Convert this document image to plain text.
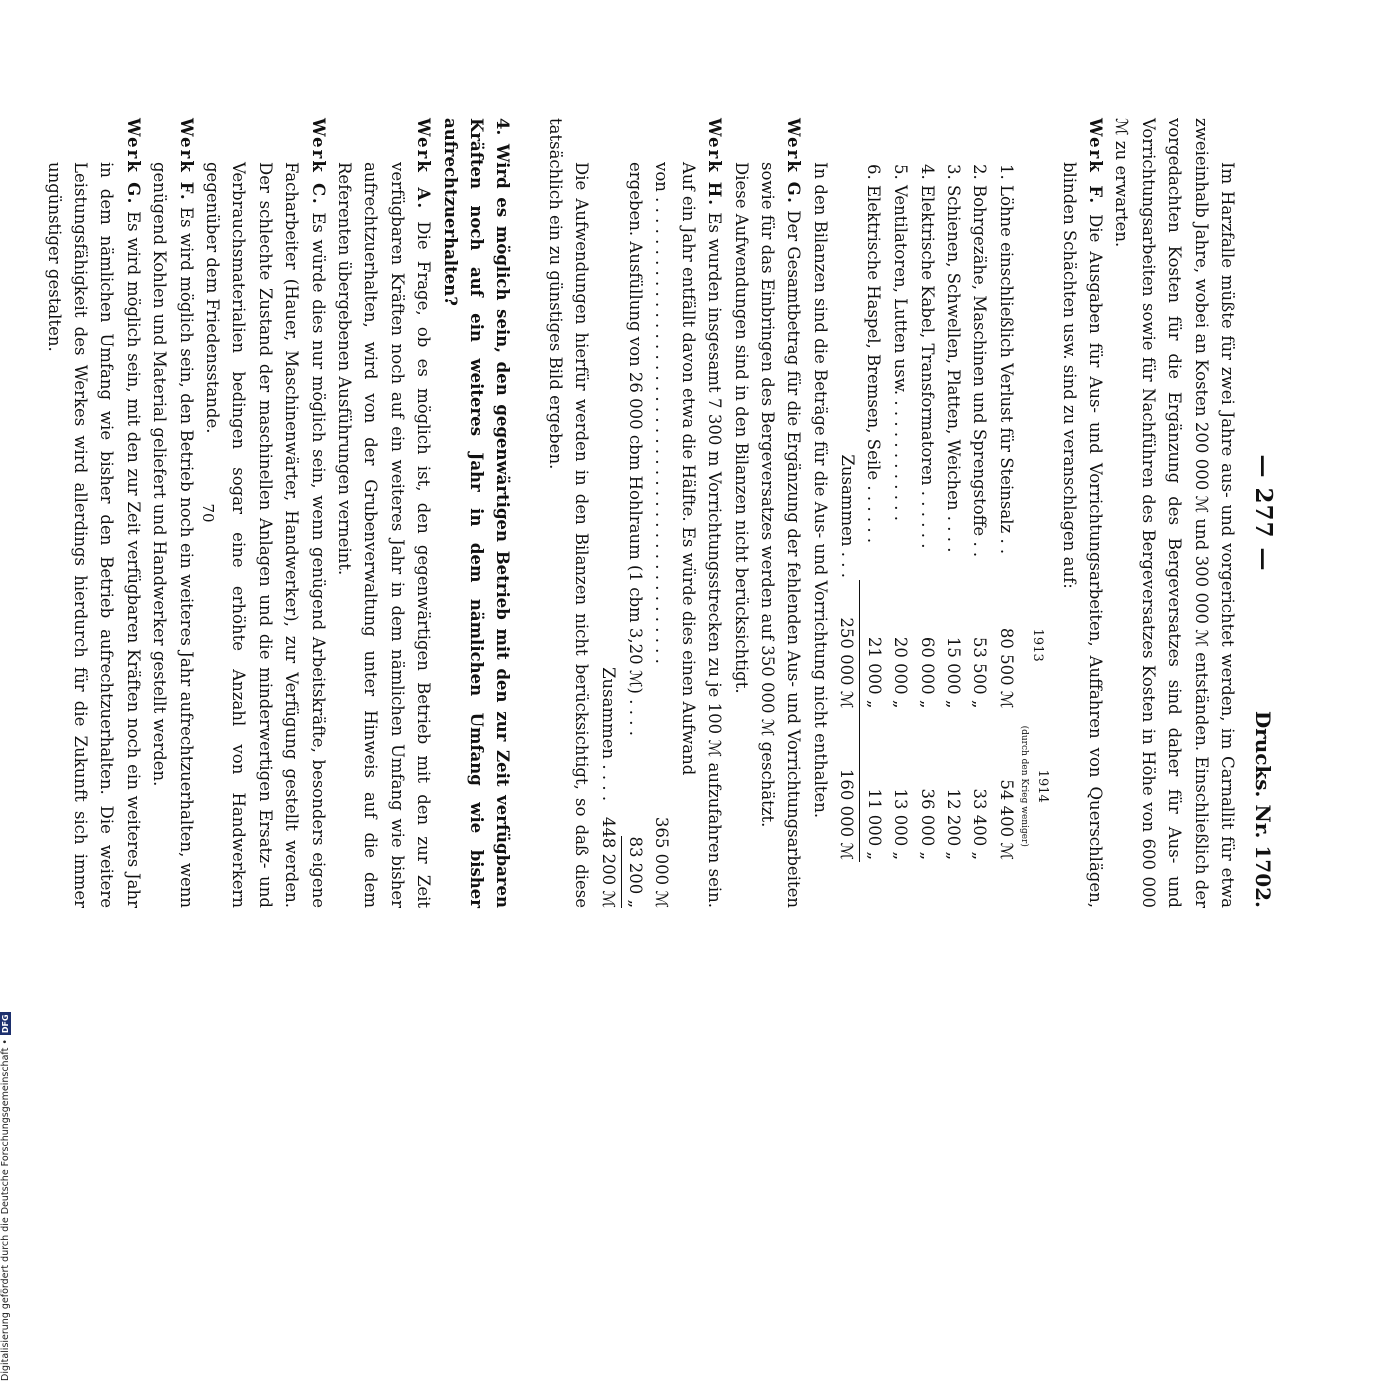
— 277 —
Drucks. Nr. 1702.

Im Harzfalle müßte für zwei Jahre aus- und vorgerichtet werden, im Carnallit für etwa zweieinhalb Jahre, wobei an Kosten 200 000 ℳ und 300 000 ℳ entständen. Einschließlich der vorgedachten Kosten für die Ergänzung des Bergeversatzes sind daher für Aus- und Vorrichtungsarbeiten sowie für Nachführen des Bergeversatzes Kosten in Höhe von 600 000 ℳ zu erwarten.

Werk F. Die Ausgaben für Aus- und Vorrichtungsarbeiten, Auffahren von Querschlägen, blinden Schächten usw. sind zu veranschlagen auf:

	1913	1914
(durch den Krieg weniger)

1. Löhne einschließlich Verlust für Steinsalz . .	80 500 ℳ	54 400 ℳ
2. Bohrgezähe, Maschinen und Sprengstoffe . .	53 500 „	33 400 „
3. Schienen, Schwellen, Platten, Weichen . . . .	15 000 „	12 200 „
4. Elektrische Kabel, Transformatoren . . . . . .	60 000 „	36 000 „
5. Ventilatoren, Lutten usw. . . . . . . . . . . . .	20 000 „	13 000 „
6. Elektrische Haspel, Bremsen, Seile . . . . . .	21 000 „	11 000 „
Zusammen . . .	250 000 ℳ	160 000 ℳ

In den Bilanzen sind die Beträge für die Aus- und Vorrichtung nicht enthalten.

Werk G. Der Gesamtbetrag für die Ergänzung der fehlenden Aus- und Vorrichtungsarbeiten sowie für das Einbringen des Bergeversatzes werden auf 350 000 ℳ geschätzt.

Diese Aufwendungen sind in den Bilanzen nicht berücksichtigt.

Werk H. Es wurden insgesamt 7 300 m Vorrichtungsstrecken zu je 100 ℳ aufzufahren sein. Auf ein Jahr entfällt davon etwa die Hälfte. Es würde dies einen Aufwand

von . . . . . . . . . . . . . . . . . . . . . . . . . . . . . . . . . . . . . . . . . . . . .
365 000 ℳ
ergeben. Ausfüllung von 26 000 cbm Hohlraum (1 cbm 3,20 ℳ) . . . .
83 200 „
Zusammen . . . .   448 200 ℳ

Die Aufwendungen hierfür werden in den Bilanzen nicht berücksichtigt, so daß diese tatsächlich ein zu günstiges Bild ergeben.

4. Wird es möglich sein, den gegenwärtigen Betrieb mit den zur Zeit verfügbaren Kräften noch auf ein weiteres Jahr in dem nämlichen Umfang wie bisher aufrechtzuerhalten?

Werk A. Die Frage, ob es möglich ist, den gegenwärtigen Betrieb mit den zur Zeit verfügbaren Kräften noch auf ein weiteres Jahr in dem nämlichen Umfang wie bisher aufrechtzuerhalten, wird von der Grubenverwaltung unter Hinweis auf die dem Referenten übergebenen Ausführungen verneint.

Werk C. Es würde dies nur möglich sein, wenn genügend Arbeitskräfte, besonders eigene Facharbeiter (Hauer, Maschinenwärter, Handwerker), zur Verfügung gestellt werden. Der schlechte Zustand der maschinellen Anlagen und die minderwertigen Ersatz- und Verbrauchsmaterialien bedingen sogar eine erhöhte Anzahl von Handwerkern gegenüber dem Friedensstande.

Werk F. Es wird möglich sein, den Betrieb noch ein weiteres Jahr aufrechtzuerhalten, wenn genügend Kohlen und Material geliefert und Handwerker gestellt werden.

Werk G. Es wird möglich sein, mit den zur Zeit verfügbaren Kräften noch ein weiteres Jahr in dem nämlichen Umfang wie bisher den Betrieb aufrechtzuerhalten. Die weitere Leistungsfähigkeit des Werkes wird allerdings hierdurch für die Zukunft sich immer ungünstiger gestalten.

70
Digitalisierung gefördert durch die Deutsche Forschungsgemeinschaft •
DFG
